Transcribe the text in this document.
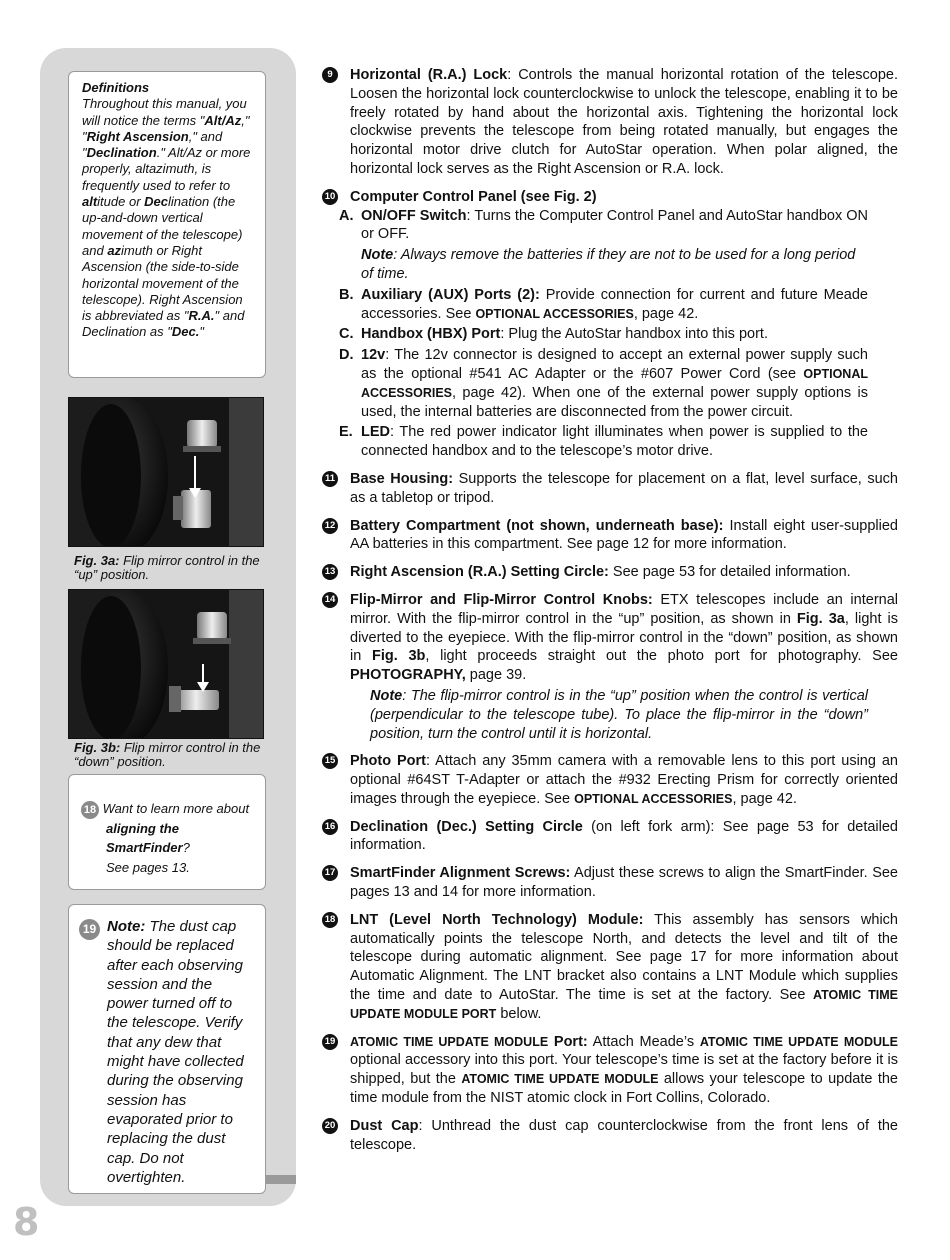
Definitions

Throughout this manual, you will notice the terms "Alt/Az," "Right Ascension," and "Declination." Alt/Az or more properly, altazimuth, is frequently used to refer to altitude or Declination (the up-and-down vertical movement of the telescope) and azimuth or Right Ascension (the side-to-side horizontal movement of the telescope). Right Ascension is abbreviated as "R.A." and Declination as "Dec."

Fig. 3a: Flip mirror control in the “up” position.
Fig. 3b: Flip mirror control in the “down” position.
18 Want to learn more about
aligning the
SmartFinder?
See pages 13.
19 Note: The dust cap should be replaced after each observing session and the power turned off to the telescope. Verify that any dew that might have collected during the observing session has evaporated prior to replacing the dust cap. Do not overtighten.
8
9	Horizontal (R.A.) Lock: Controls the manual horizontal rotation of the telescope. Loosen the horizontal lock counterclockwise to unlock the telescope, enabling it to be freely rotated by hand about the horizontal axis. Tightening the horizontal lock clockwise prevents the telescope from being rotated manually, but engages the horizontal motor drive clutch for AutoStar operation. When polar aligned, the horizontal lock serves as the Right Ascension or R.A. lock.
10 Computer Control Panel (see Fig. 2)
A. ON/OFF Switch: Turns the Computer Control Panel and AutoStar handbox ON or OFF.
Note: Always remove the batteries if they are not to be used for a long period of time.
B. Auxiliary (AUX) Ports (2): Provide connection for current and future Meade accessories. See OPTIONAL ACCESSORIES, page 42.
C. Handbox (HBX) Port: Plug the AutoStar handbox into this port.
D. 12v: The 12v connector is designed to accept an external power supply such as the optional #541 AC Adapter or the #607 Power Cord (see OPTIONAL ACCESSORIES, page 42). When one of the external power supply options is used, the internal batteries are disconnected from the power circuit.
E. LED: The red power indicator light illuminates when power is supplied to the connected handbox and to the telescope’s motor drive.
11 Base Housing: Supports the telescope for placement on a flat, level surface, such as a tabletop or tripod.
12 Battery Compartment (not shown, underneath base): Install eight user-supplied AA batteries in this compartment. See page 12 for more information.
13 Right Ascension (R.A.) Setting Circle: See page 53 for detailed information.
14 Flip-Mirror and Flip-Mirror Control Knobs: ETX telescopes include an internal mirror. With the flip-mirror control in the “up” position, as shown in Fig. 3a, light is diverted to the eyepiece. With the flip-mirror control in the “down” position, as shown in Fig. 3b, light proceeds straight out the photo port for photography. See PHOTOGRAPHY, page 39.
Note: The flip-mirror control is in the “up” position when the control is vertical (perpendicular to the telescope tube). To place the flip-mirror in the “down” position, turn the control until it is horizontal.
15 Photo Port: Attach any 35mm camera with a removable lens to this port using an optional #64ST T-Adapter or attach the #932 Erecting Prism for correctly oriented images through the eyepiece. See OPTIONAL ACCESSORIES, page 42.
16 Declination (Dec.) Setting Circle (on left fork arm): See page 53 for detailed information.
17 SmartFinder Alignment Screws: Adjust these screws to align the SmartFinder. See pages 13 and 14 for more information.
18 LNT (Level North Technology) Module: This assembly has sensors which automatically points the telescope North, and detects the level and tilt of the telescope during automatic alignment. See page 17 for more information about Automatic Alignment. The LNT bracket also contains a LNT Module which supplies the time and date to AutoStar. The time is set at the factory. See ATOMIC TIME UPDATE MODULE PORT below.
19 ATOMIC TIME UPDATE MODULE Port: Attach Meade’s ATOMIC TIME UPDATE MODULE optional accessory into this port. Your telescope’s time is set at the factory before it is shipped, but the ATOMIC TIME UPDATE MODULE allows your telescope to update the time module from the NIST atomic clock in Fort Collins, Colorado.
20 Dust Cap: Unthread the dust cap counterclockwise from the front lens of the telescope.
